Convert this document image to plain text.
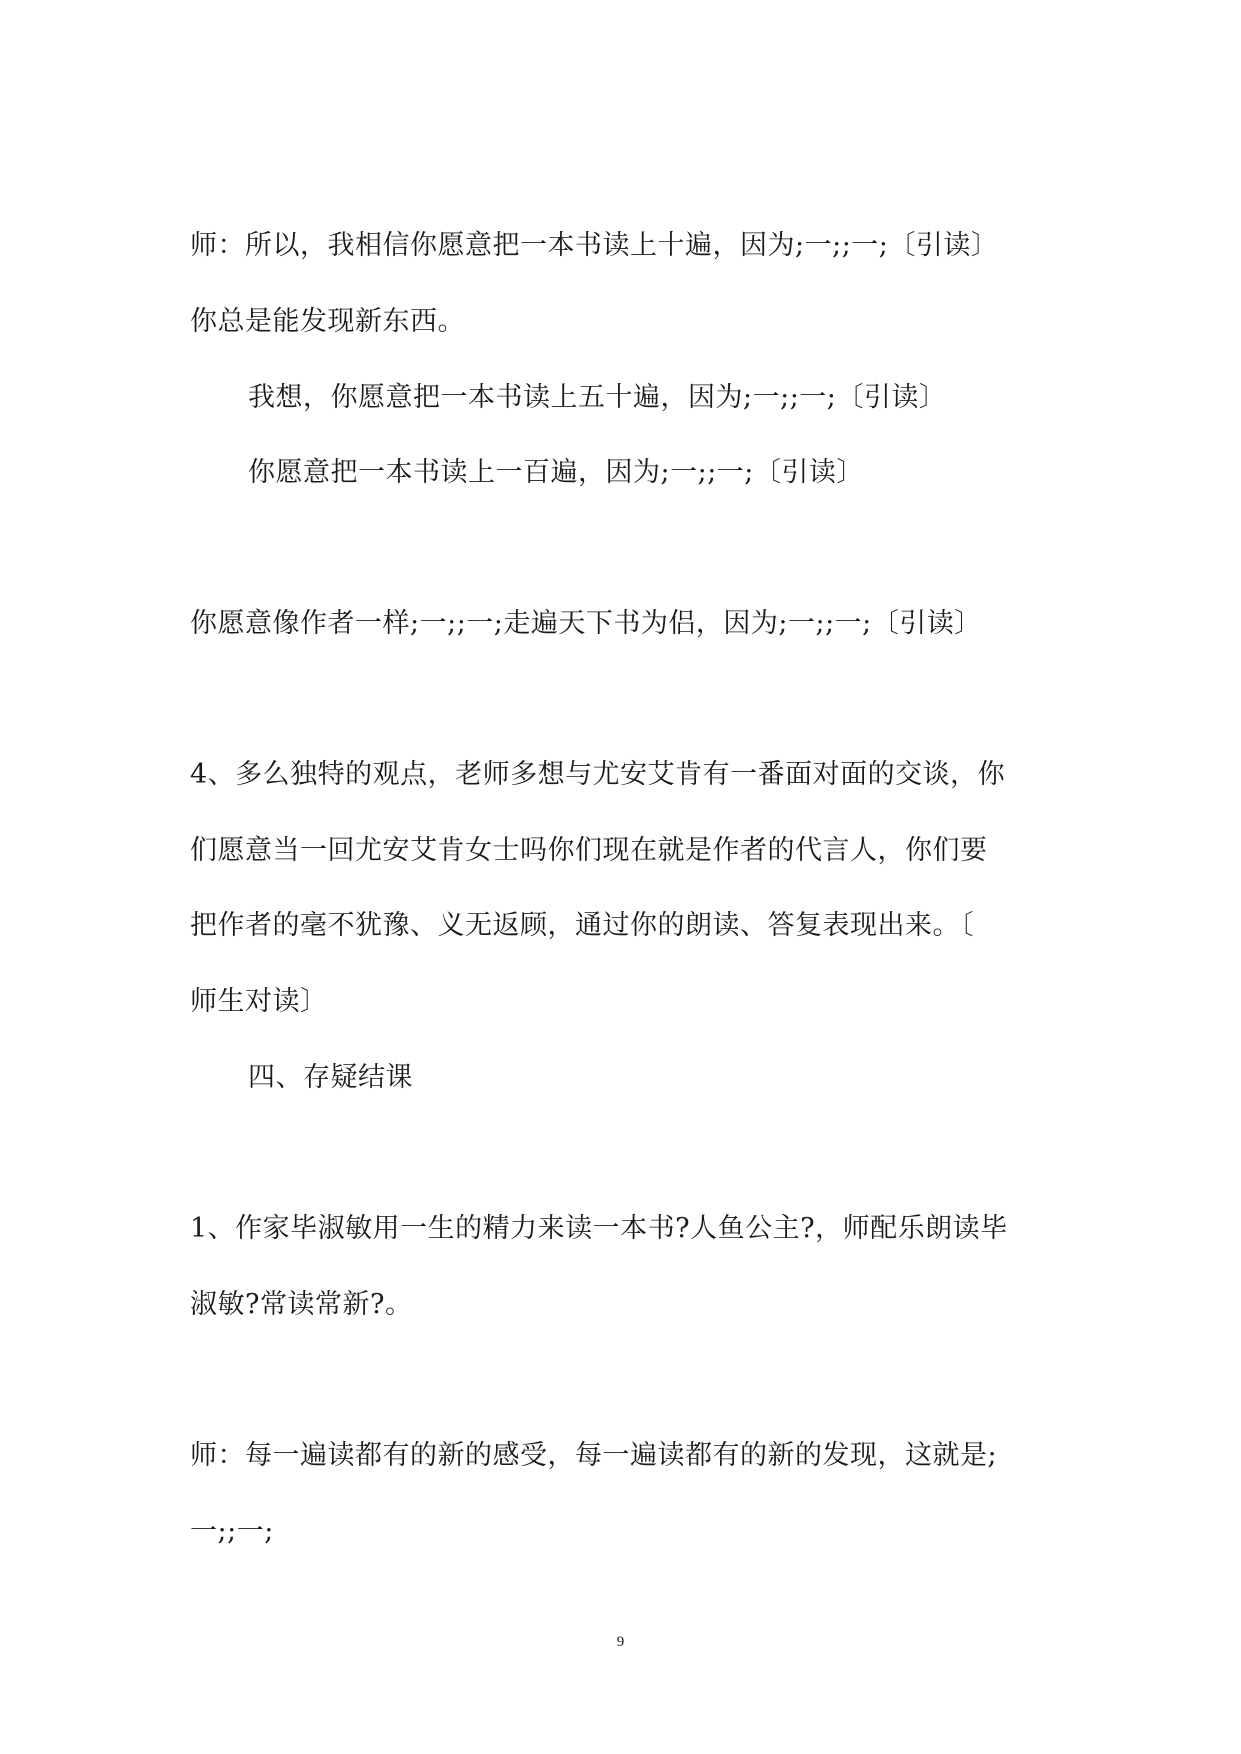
师：所以，我相信你愿意把一本书读上十遍，因为;一;;一;〔引读〕
你总是能发现新东西。
我想，你愿意把一本书读上五十遍，因为;一;;一;〔引读〕
你愿意把一本书读上一百遍，因为;一;;一;〔引读〕
你愿意像作者一样;一;;一;走遍天下书为侣，因为;一;;一;〔引读〕
4、多么独特的观点，老师多想与尤安艾肯有一番面对面的交谈，你
们愿意当一回尤安艾肯女士吗你们现在就是作者的代言人，你们要
把作者的毫不犹豫、义无返顾，通过你的朗读、答复表现出来。〔
师生对读〕
四、存疑结课
1、作家毕淑敏用一生的精力来读一本书?人鱼公主?，师配乐朗读毕
淑敏?常读常新?。
师：每一遍读都有的新的感受，每一遍读都有的新的发现，这就是;
一;;一;
9
